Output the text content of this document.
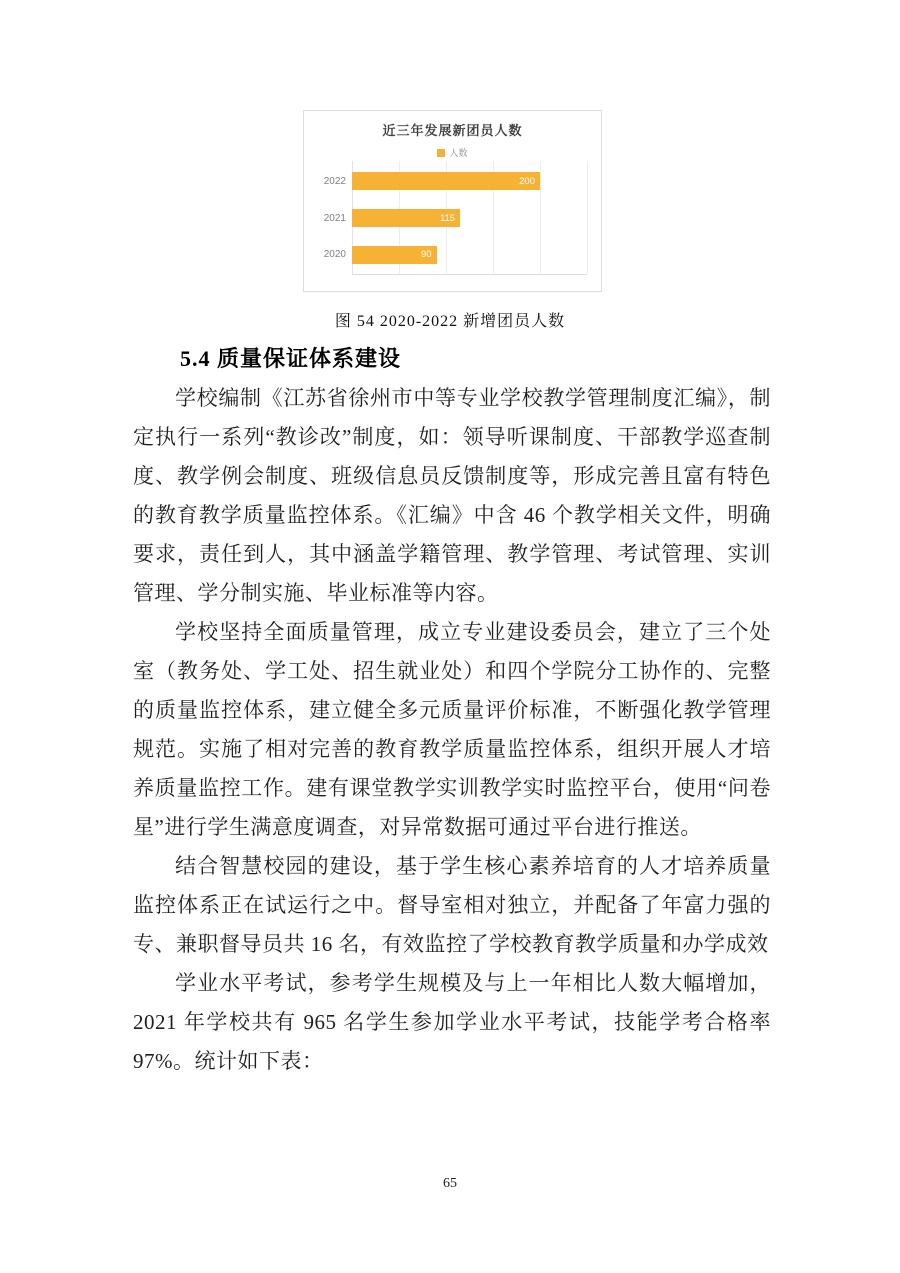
近三年发展新团员人数
人数
2022	200
2021	115
2020	90
图 54 2020-2022 新增团员人数
5.4 质量保证体系建设

学校编制《江苏省徐州市中等专业学校教学管理制度汇编》，制定执行一系列“教诊改”制度，如：领导听课制度、干部教学巡查制度、教学例会制度、班级信息员反馈制度等，形成完善且富有特色的教育教学质量监控体系。《汇编》中含 46 个教学相关文件，明确要求，责任到人，其中涵盖学籍管理、教学管理、考试管理、实训管理、学分制实施、毕业标准等内容。

学校坚持全面质量管理，成立专业建设委员会，建立了三个处室（教务处、学工处、招生就业处）和四个学院分工协作的、完整的质量监控体系，建立健全多元质量评价标准，不断强化教学管理规范。实施了相对完善的教育教学质量监控体系，组织开展人才培养质量监控工作。建有课堂教学实训教学实时监控平台，使用“问卷星”进行学生满意度调查，对异常数据可通过平台进行推送。

结合智慧校园的建设，基于学生核心素养培育的人才培养质量监控体系正在试运行之中。督导室相对独立，并配备了年富力强的专、兼职督导员共 16 名，有效监控了学校教育教学质量和办学成效

学业水平考试，参考学生规模及与上一年相比人数大幅增加，2021 年学校共有 965 名学生参加学业水平考试，技能学考合格率 97%。统计如下表：

65
